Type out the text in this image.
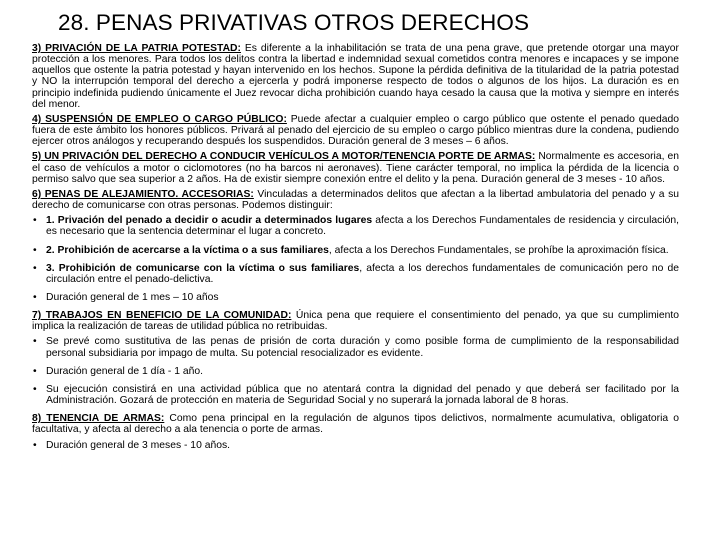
28. PENAS PRIVATIVAS OTROS DERECHOS

3) PRIVACIÓN DE LA PATRIA POTESTAD: Es diferente a la inhabilitación se trata de una pena grave, que pretende otorgar una mayor protección a los menores. Para todos los delitos contra la libertad e indemnidad sexual cometidos contra menores e incapaces y se impone aquellos que ostente la patria potestad y hayan intervenido en los hechos. Supone la pérdida definitiva de la titularidad de la patria potestad y NO la interrupción temporal del derecho a ejercerla y podrá imponerse respecto de todos o algunos de los hijos. La duración es en principio indefinida pudiendo únicamente el Juez revocar dicha prohibición cuando haya cesado la causa que la motiva y siempre en interés del menor.

4) SUSPENSIÓN DE EMPLEO O CARGO PÚBLICO: Puede afectar a cualquier empleo o cargo público que ostente el penado quedado fuera de este ámbito los honores públicos. Privará al penado del ejercicio de su empleo o cargo público mientras dure la condena, pudiendo ejercer otros análogos y recuperando después los suspendidos. Duración general de 3 meses – 6 años.

5) UN PRIVACIÓN DEL DERECHO A CONDUCIR VEHÍCULOS A MOTOR/TENENCIA PORTE DE ARMAS: Normalmente es accesoria, en el caso de vehículos a motor o ciclomotores (no ha barcos ni aeronaves). Tiene carácter temporal, no implica la pérdida de la licencia o permiso salvo que sea superior a 2 años. Ha de existir siempre conexión entre el delito y la pena. Duración general de 3 meses - 10 años.

6) PENAS DE ALEJAMIENTO. ACCESORIAS: Vinculadas a determinados delitos que afectan a la libertad ambulatoria del penado y a su derecho de comunicarse con otras personas. Podemos distinguir:

• 1. Privación del penado a decidir o acudir a determinados lugares afecta a los Derechos Fundamentales de residencia y circulación, es necesario que la sentencia determinar el lugar a concreto.
• 2. Prohibición de acercarse a la víctima o a sus familiares, afecta a los Derechos Fundamentales, se prohíbe la aproximación física.
• 3. Prohibición de comunicarse con la víctima o sus familiares, afecta a los derechos fundamentales de comunicación pero no de circulación entre el penado-delictiva.
• Duración general de 1 mes – 10 años

7) TRABAJOS EN BENEFICIO DE LA COMUNIDAD: Única pena que requiere el consentimiento del penado, ya que su cumplimiento implica la realización de tareas de utilidad pública no retribuidas.

• Se prevé como sustitutiva de las penas de prisión de corta duración y como posible forma de cumplimiento de la responsabilidad personal subsidiaria por impago de multa. Su potencial resocializador es evidente.
• Duración general de 1 día - 1 año.
• Su ejecución consistirá en una actividad pública que no atentará contra la dignidad del penado y que deberá ser facilitado por la Administración. Gozará de protección en materia de Seguridad Social y no superará la jornada laboral de 8 horas.

8) TENENCIA DE ARMAS: Como pena principal en la regulación de algunos tipos delictivos, normalmente acumulativa, obligatoria o facultativa, y afecta al derecho a ala tenencia o porte de armas.

• Duración general de 3 meses - 10 años.
